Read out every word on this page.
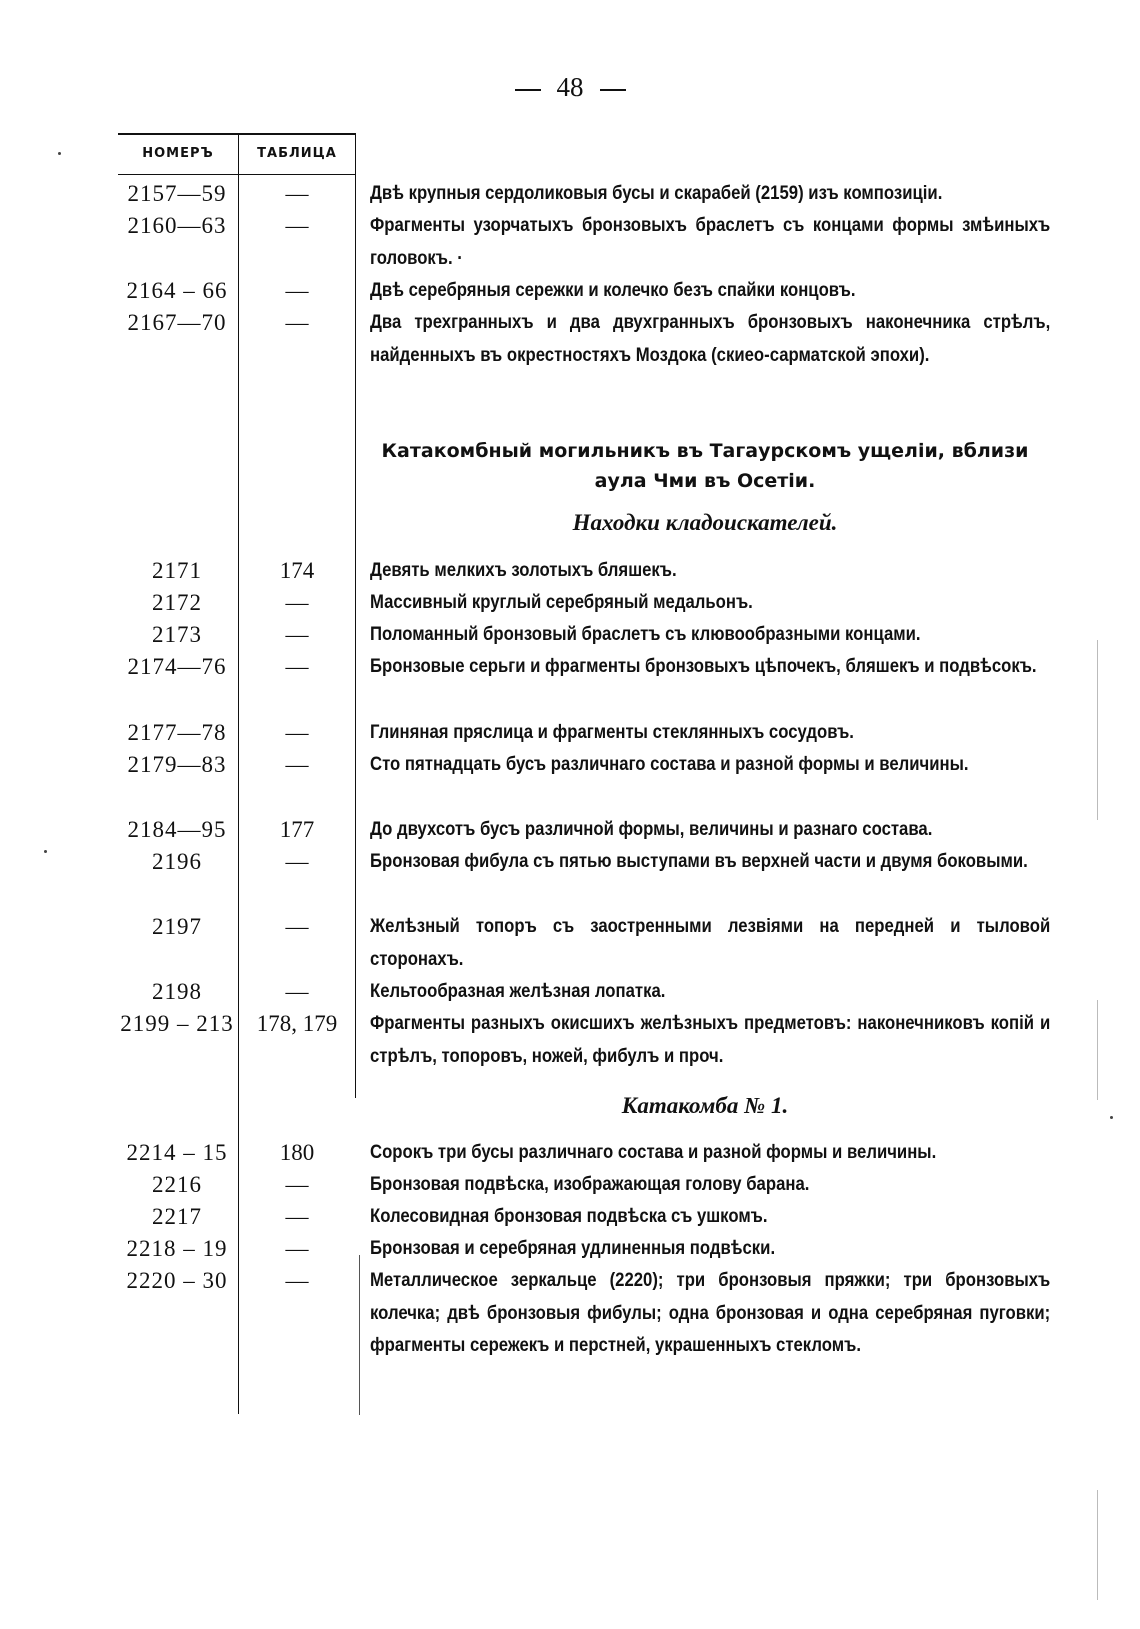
48
НОМЕРЪ	ТАБЛИЦА
2157—59	—	Двѣ крупныя сердоликовыя бусы и скарабей (2159) изъ композиціи.
2160—63	—	Фрагменты узорчатыхъ бронзовыхъ браслетъ съ концами формы змѣиныхъ головокъ. ·
2164 – 66	—	Двѣ серебряныя сережки и колечко безъ спайки концовъ.
2167—70	—	Два трехгранныхъ и два двухгранныхъ бронзовыхъ наконечника стрѣлъ, найденныхъ въ окрестностяхъ Моздока (скиео-сарматской эпохи).
Катакомбный могильникъ въ Тагаурскомъ ущеліи, вблизи аула Чми въ Осетіи.
Находки кладоискателей.
2171	174	Девять мелкихъ золотыхъ бляшекъ.
2172	—	Массивный круглый серебряный медальонъ.
2173	—	Поломанный бронзовый браслетъ съ клювообразными концами.
2174—76	—	Бронзовые серьги и фрагменты бронзовыхъ цѣпочекъ, бляшекъ и подвѣсокъ.
2177—78	—	Глиняная пряслица и фрагменты стеклянныхъ сосудовъ.
2179—83	—	Сто пятнадцать бусъ различнаго состава и разной формы и величины.
2184—95	177	До двухсотъ бусъ различной формы, величины и разнаго состава.
2196	—	Бронзовая фибула съ пятью выступами въ верхней части и двумя боковыми.
2197	—	Желѣзный топоръ съ заостренными лезвіями на передней и тыловой сторонахъ.
2198	—	Кельтообразная желѣзная лопатка.
2199 – 213	178, 179	Фрагменты разныхъ окисшихъ желѣзныхъ предметовъ: наконечниковъ копій и стрѣлъ, топоровъ, ножей, фибулъ и проч.
Катакомба № 1.
2214 – 15	180	Сорокъ три бусы различнаго состава и разной формы и величины.
2216	—	Бронзовая подвѣска, изображающая голову барана.
2217	—	Колесовидная бронзовая подвѣска съ ушкомъ.
2218 – 19	—	Бронзовая и серебряная удлиненныя подвѣски.
2220 – 30	—	Металлическое зеркальце (2220); три бронзовыя пряжки; три бронзовыхъ колечка; двѣ бронзовыя фибулы; одна бронзовая и одна серебряная пуговки; фрагменты сережекъ и перстней, украшенныхъ стекломъ.
